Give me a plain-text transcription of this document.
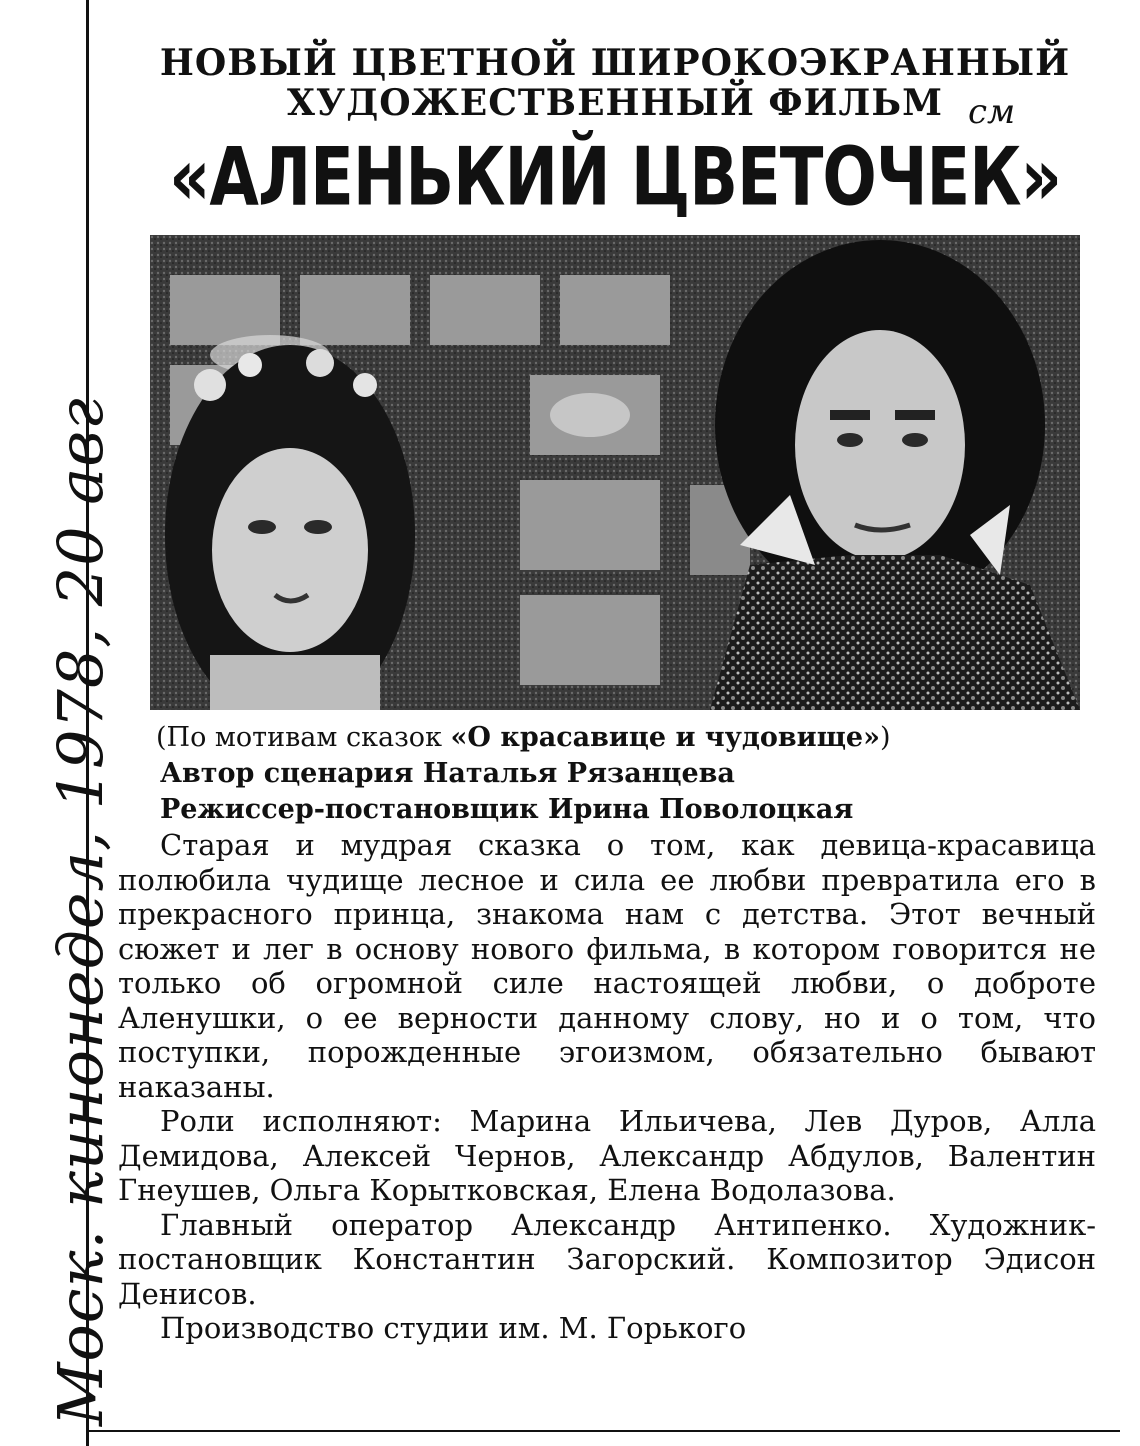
Моск. кинонедел, 1978, 20 авг
см
НОВЫЙ ЦВЕТНОЙ ШИРОКОЭКРАННЫЙ
ХУДОЖЕСТВЕННЫЙ ФИЛЬМ
«АЛЕНЬКИЙ ЦВЕТОЧЕК»
(По мотивам сказок «О красавице и чудовище»)
Автор сценария Наталья Рязанцева
Режиссер-постановщик Ирина Поволоцкая

Старая и мудрая сказка о том, как девица-красавица полюбила чудище лесное и сила ее любви превратила его в прекрасного принца, знакома нам с детства. Этот вечный сюжет и лег в основу нового фильма, в котором говорится не только об огромной силе настоящей любви, о доброте Аленушки, о ее верности данному слову, но и о том, что поступки, порожденные эгоизмом, обязательно бывают наказаны.

Роли исполняют: Марина Ильичева, Лев Дуров, Алла Демидова, Алексей Чернов, Александр Абдулов, Валентин Гнеушев, Ольга Корытковская, Елена Водолазова.

Главный оператор Александр Антипенко. Художник-постановщик Константин Загорский. Композитор Эдисон Денисов.

Производство студии им. М. Горького
